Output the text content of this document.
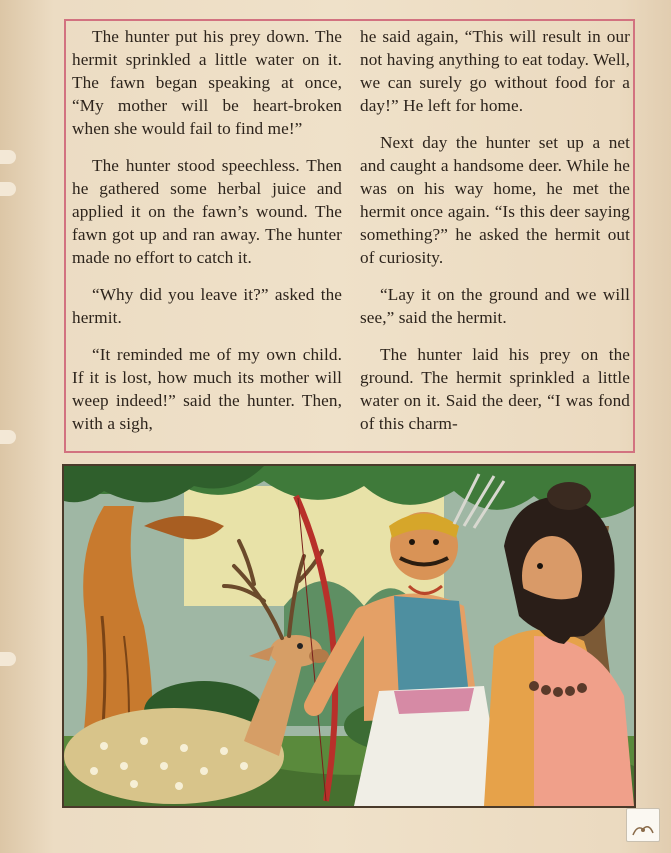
The hunter put his prey down. The hermit sprinkled a little water on it. The fawn began speaking at once, “My mother will be heart-broken when she would fail to find me!”

The hunter stood speechless. Then he gathered some herbal juice and applied it on the fawn’s wound. The fawn got up and ran away. The hunter made no effort to catch it.

“Why did you leave it?” asked the hermit.

“It reminded me of my own child. If it is lost, how much its mother will weep indeed!” said the hunter. Then, with a sigh,

he said again, “This will result in our not having anything to eat today. Well, we can surely go without food for a day!” He left for home.

Next day the hunter set up a net and caught a handsome deer. While he was on his way home, he met the hermit once again. “Is this deer saying something?” he asked the hermit out of curiosity.

“Lay it on the ground and we will see,” said the hermit.

The hunter laid his prey on the ground. The hermit sprinkled a little water on it. Said the deer, “I was fond of this charm-
